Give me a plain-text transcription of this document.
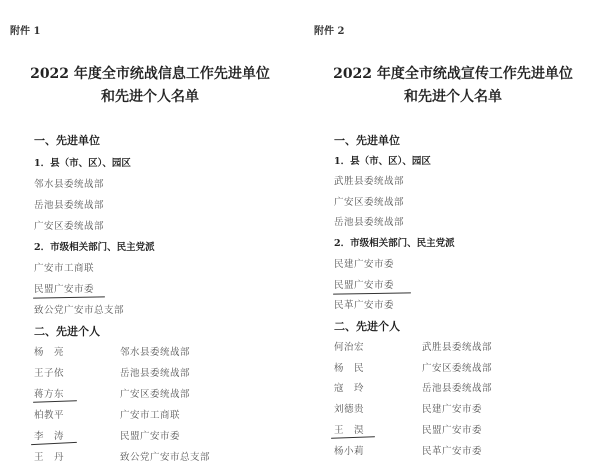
附件 1
2022 年度全市统战信息工作先进单位
和先进个人名单
一、先进单位
1．县（市、区）、园区
邻水县委统战部
岳池县委统战部
广安区委统战部
2．市级相关部门、民主党派
广安市工商联
民盟广安市委
致公党广安市总支部
二、先进个人
杨　亮	邻水县委统战部
王子依	岳池县委统战部
蒋方东	广安区委统战部
柏教平	广安市工商联
李　涛	民盟广安市委
王　丹	致公党广安市总支部
附件 2
2022 年度全市统战宣传工作先进单位
和先进个人名单
一、先进单位
1．县（市、区）、园区
武胜县委统战部
广安区委统战部
岳池县委统战部
2．市级相关部门、民主党派
民建广安市委
民盟广安市委
民革广安市委
二、先进个人
何治宏	武胜县委统战部
杨　民	广安区委统战部
寇　玲	岳池县委统战部
刘德贵	民建广安市委
王　淏	民盟广安市委
杨小莉	民革广安市委
